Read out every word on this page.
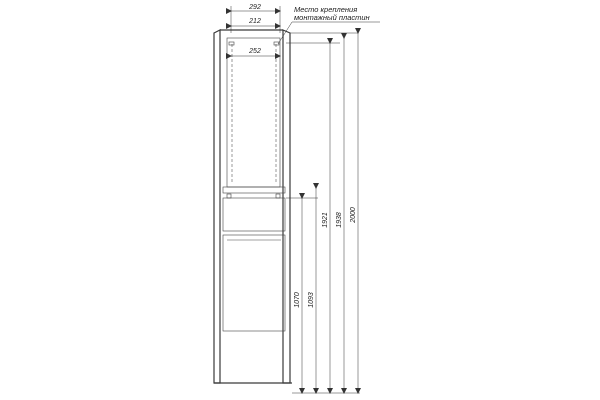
292
212
252
Место крепления
монтажный пластин
1070 1093
1921 1938 2000
